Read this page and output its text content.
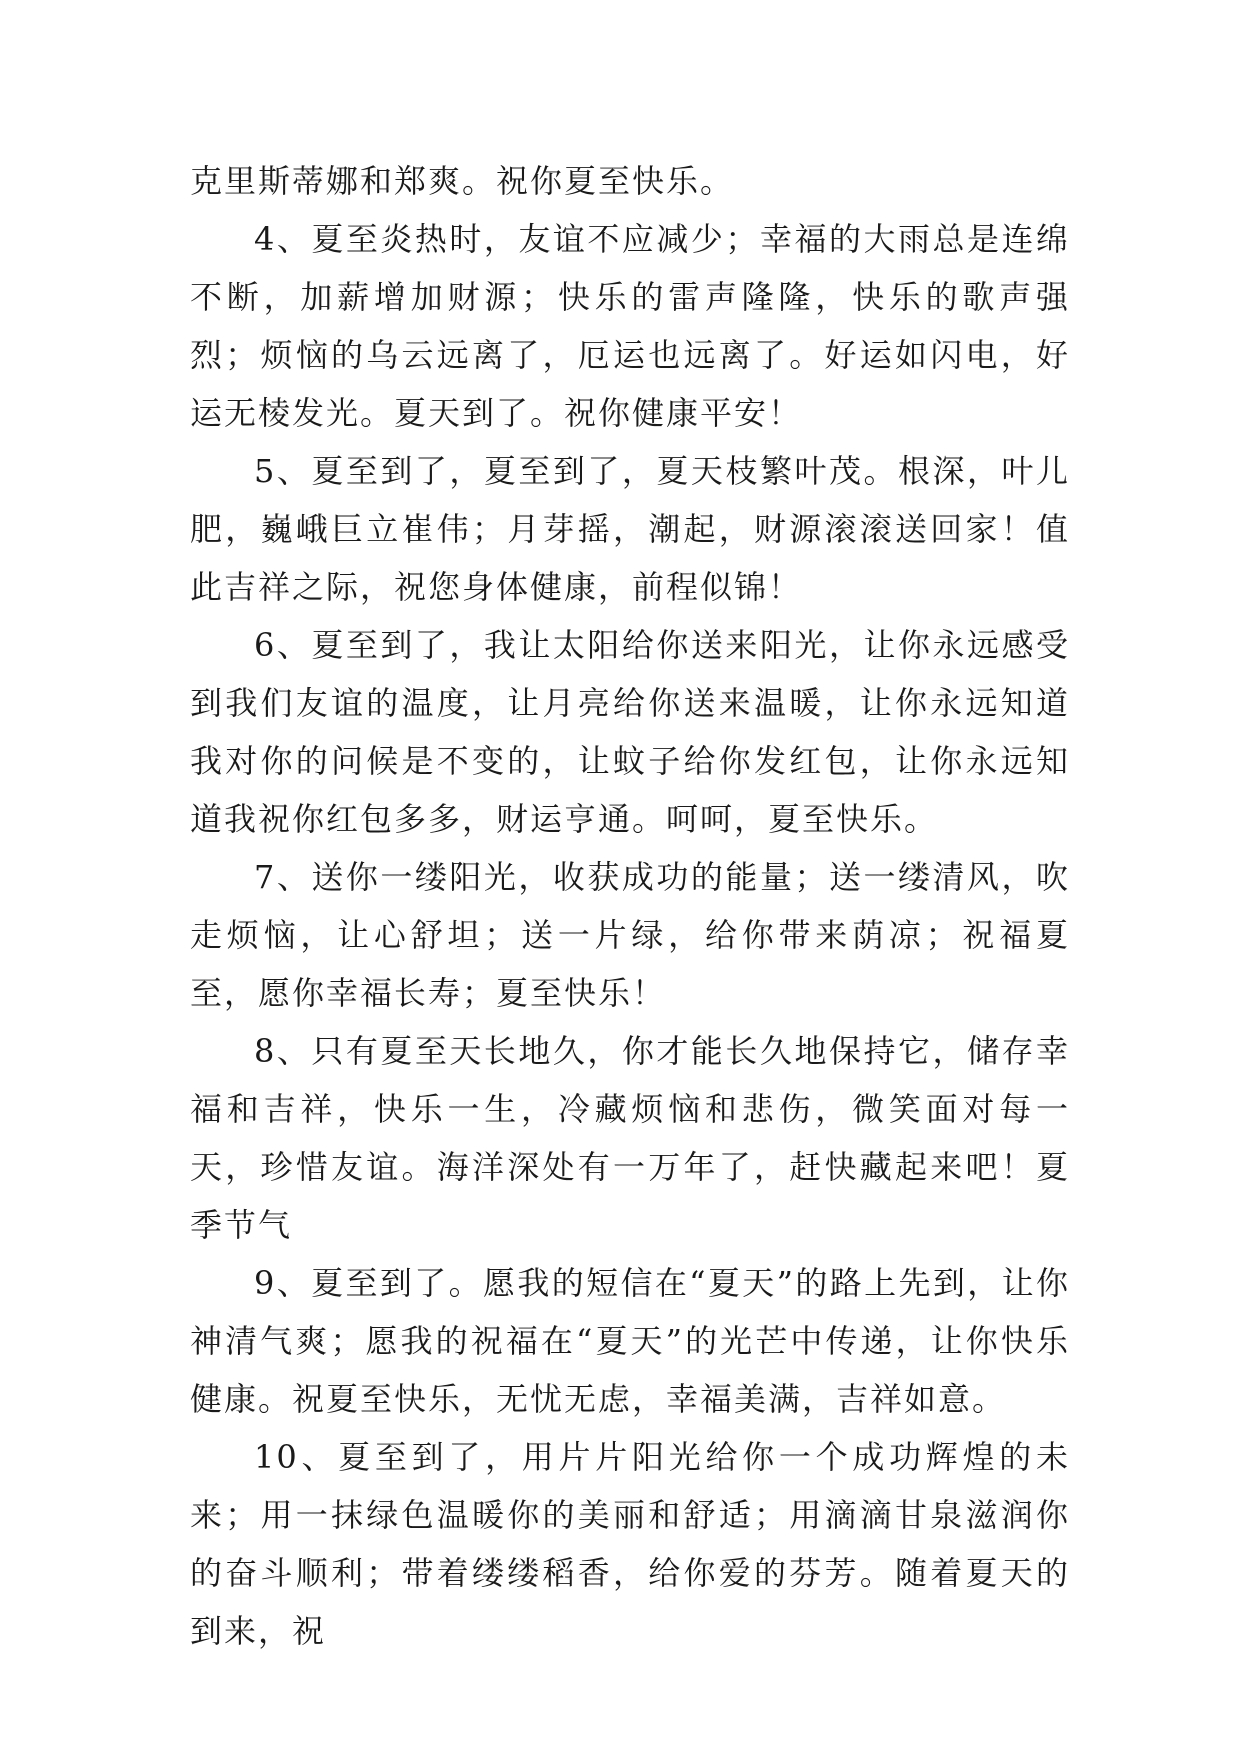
克里斯蒂娜和郑爽。祝你夏至快乐。

4、夏至炎热时，友谊不应减少；幸福的大雨总是连绵不断，加薪增加财源；快乐的雷声隆隆，快乐的歌声强烈；烦恼的乌云远离了，厄运也远离了。好运如闪电，好运无棱发光。夏天到了。祝你健康平安！

5、夏至到了，夏至到了，夏天枝繁叶茂。根深，叶儿肥，巍峨巨立崔伟；月芽摇，潮起，财源滚滚送回家！值此吉祥之际，祝您身体健康，前程似锦！

6、夏至到了，我让太阳给你送来阳光，让你永远感受到我们友谊的温度，让月亮给你送来温暖，让你永远知道我对你的问候是不变的，让蚊子给你发红包，让你永远知道我祝你红包多多，财运亨通。呵呵，夏至快乐。

7、送你一缕阳光，收获成功的能量；送一缕清风，吹走烦恼，让心舒坦；送一片绿，给你带来荫凉；祝福夏至，愿你幸福长寿；夏至快乐！

8、只有夏至天长地久，你才能长久地保持它，储存幸福和吉祥，快乐一生，冷藏烦恼和悲伤，微笑面对每一天，珍惜友谊。海洋深处有一万年了，赶快藏起来吧！夏季节气

9、夏至到了。愿我的短信在“夏天”的路上先到，让你神清气爽；愿我的祝福在“夏天”的光芒中传递，让你快乐健康。祝夏至快乐，无忧无虑，幸福美满，吉祥如意。

10、夏至到了，用片片阳光给你一个成功辉煌的未来；用一抹绿色温暖你的美丽和舒适；用滴滴甘泉滋润你的奋斗顺利；带着缕缕稻香，给你爱的芬芳。随着夏天的到来，祝
